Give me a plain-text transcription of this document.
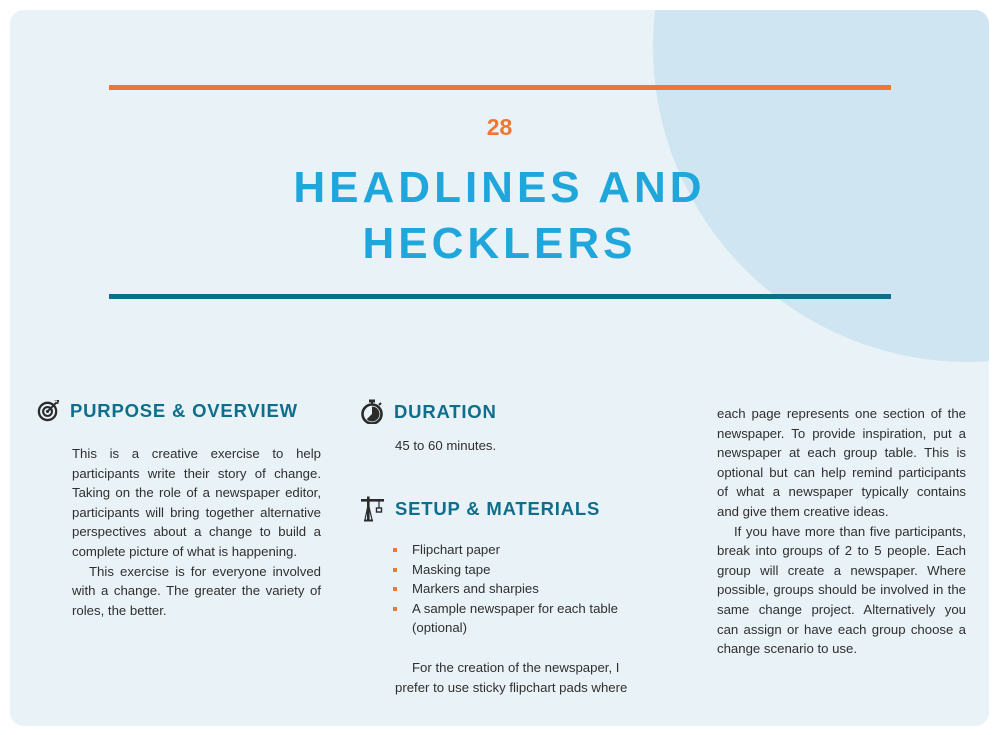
28
HEADLINES AND
HECKLERS
PURPOSE & OVERVIEW

This is a creative exercise to help participants write their story of change. Taking on the role of a newspaper editor, participants will bring together alternative perspectives about a change to build a complete picture of what is happening.

This exercise is for everyone involved with a change. The greater the variety of roles, the better.

DURATION

45 to 60 minutes.

SETUP & MATERIALS
Flipchart paper
Masking tape
Markers and sharpies
A sample newspaper for each table (optional)

For the creation of the newspaper, I prefer to use sticky flipchart pads where

each page represents one section of the newspaper. To provide inspiration, put a newspaper at each group table. This is optional but can help remind participants of what a newspaper typically contains and give them creative ideas.

If you have more than five participants, break into groups of 2 to 5 people. Each group will create a newspaper. Where possible, groups should be involved in the same change project. Alternatively you can assign or have each group choose a change scenario to use.
